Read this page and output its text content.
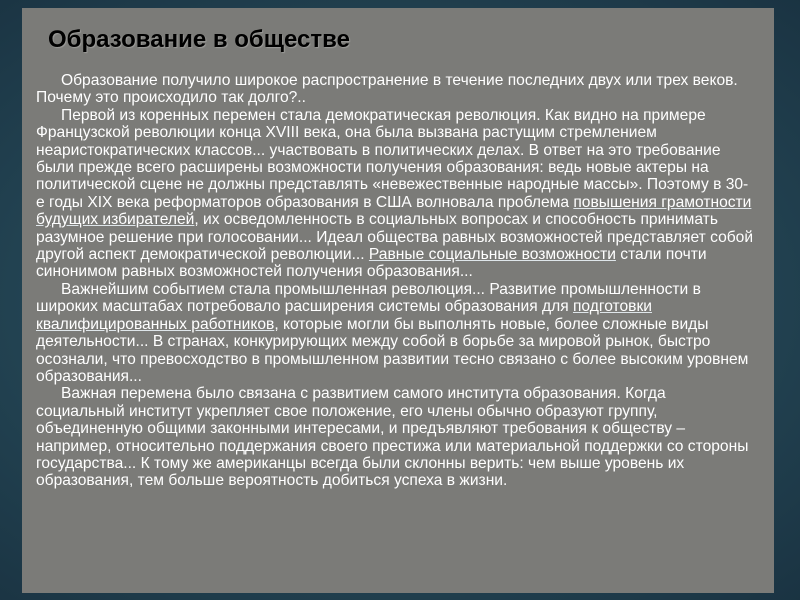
Образование в обществе

Образование получило широкое распространение в течение последних двух или трех веков. Почему это происходило так долго?..

Первой из коренных перемен стала демократическая революция. Как видно на примере Французской революции конца XVIII века, она была вызвана растущим стремлением неаристократических классов... участвовать в политических делах. В ответ на это требование были прежде всего расширены возможности получения образования: ведь новые актеры на политической сцене не должны представлять «невежественные народные массы». Поэтому в 30-е годы XIX века реформаторов образования в США волновала проблема повышения грамотности будущих избирателей, их осведомленность в социальных вопросах и способность принимать разумное решение при голосовании... Идеал общества равных возможностей представляет собой другой аспект демократической революции... Равные социальные возможности стали почти синонимом равных возможностей получения образования...

Важнейшим событием стала промышленная революция... Развитие промышленности в широких масштабах потребовало расширения системы образования для подготовки квалифицированных работников, которые могли бы выполнять новые, более сложные виды деятельности... В странах, конкурирующих между собой в борьбе за мировой рынок, быстро осознали, что превосходство в промышленном развитии тесно связано с более высоким уровнем образования...

Важная перемена было связана с развитием самого института образования. Когда социальный институт укрепляет свое положение, его члены обычно образуют группу, объединенную общими законными интересами, и предъявляют требования к обществу – например, относительно поддержания своего престижа или материальной поддержки со стороны государства... К тому же американцы всегда были склонны верить: чем выше уровень их образования, тем больше вероятность добиться успеха в жизни.
